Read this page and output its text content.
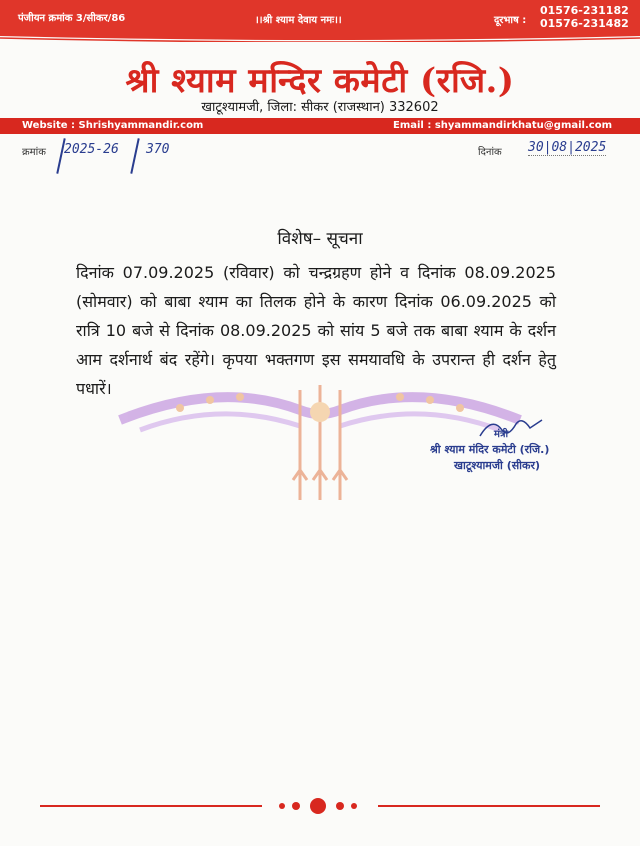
पंजीयन क्रमांक 3/सीकर/86	।।श्री श्याम देवाय नमः।।	दूरभाष :
01576-231182
01576-231482
श्री श्याम मन्दिर कमेटी (रजि.)
खाटूश्यामजी, जिला: सीकर (राजस्थान) 332602
Website : Shrishyammandir.com	Email : shyammandirkhatu@gmail.com
क्रमांक 2025-26 370	दिनांक 30|08|2025
विशेष– सूचना
दिनांक 07.09.2025 (रविवार) को चन्द्रग्रहण होने व दिनांक 08.09.2025 (सोमवार) को बाबा श्याम का तिलक होने के कारण दिनांक 06.09.2025 को रात्रि 10 बजे से दिनांक 08.09.2025 को सांय 5 बजे तक बाबा श्याम के दर्शन आम दर्शनार्थ बंद रहेंगे। कृपया भक्तगण इस समयावधि के उपरान्त ही दर्शन हेतु पधारें।
मंत्री
श्री श्याम मंदिर कमेटी (रजि.)
खाटूश्यामजी (सीकर)
